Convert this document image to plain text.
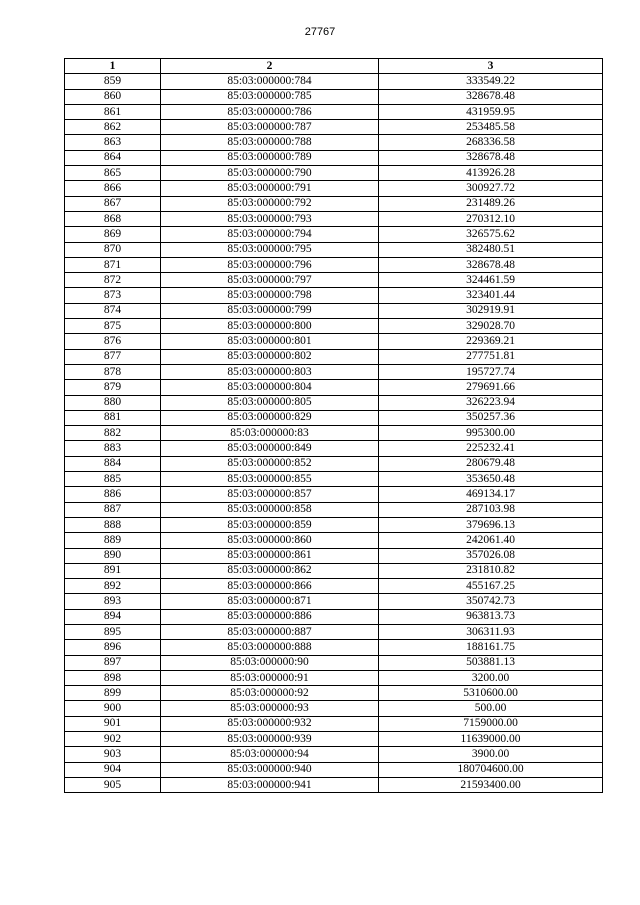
27767
1	2	3
859	85:03:000000:784	333549.22
860	85:03:000000:785	328678.48
861	85:03:000000:786	431959.95
862	85:03:000000:787	253485.58
863	85:03:000000:788	268336.58
864	85:03:000000:789	328678.48
865	85:03:000000:790	413926.28
866	85:03:000000:791	300927.72
867	85:03:000000:792	231489.26
868	85:03:000000:793	270312.10
869	85:03:000000:794	326575.62
870	85:03:000000:795	382480.51
871	85:03:000000:796	328678.48
872	85:03:000000:797	324461.59
873	85:03:000000:798	323401.44
874	85:03:000000:799	302919.91
875	85:03:000000:800	329028.70
876	85:03:000000:801	229369.21
877	85:03:000000:802	277751.81
878	85:03:000000:803	195727.74
879	85:03:000000:804	279691.66
880	85:03:000000:805	326223.94
881	85:03:000000:829	350257.36
882	85:03:000000:83	995300.00
883	85:03:000000:849	225232.41
884	85:03:000000:852	280679.48
885	85:03:000000:855	353650.48
886	85:03:000000:857	469134.17
887	85:03:000000:858	287103.98
888	85:03:000000:859	379696.13
889	85:03:000000:860	242061.40
890	85:03:000000:861	357026.08
891	85:03:000000:862	231810.82
892	85:03:000000:866	455167.25
893	85:03:000000:871	350742.73
894	85:03:000000:886	963813.73
895	85:03:000000:887	306311.93
896	85:03:000000:888	188161.75
897	85:03:000000:90	503881.13
898	85:03:000000:91	3200.00
899	85:03:000000:92	5310600.00
900	85:03:000000:93	500.00
901	85:03:000000:932	7159000.00
902	85:03:000000:939	11639000.00
903	85:03:000000:94	3900.00
904	85:03:000000:940	180704600.00
905	85:03:000000:941	21593400.00
